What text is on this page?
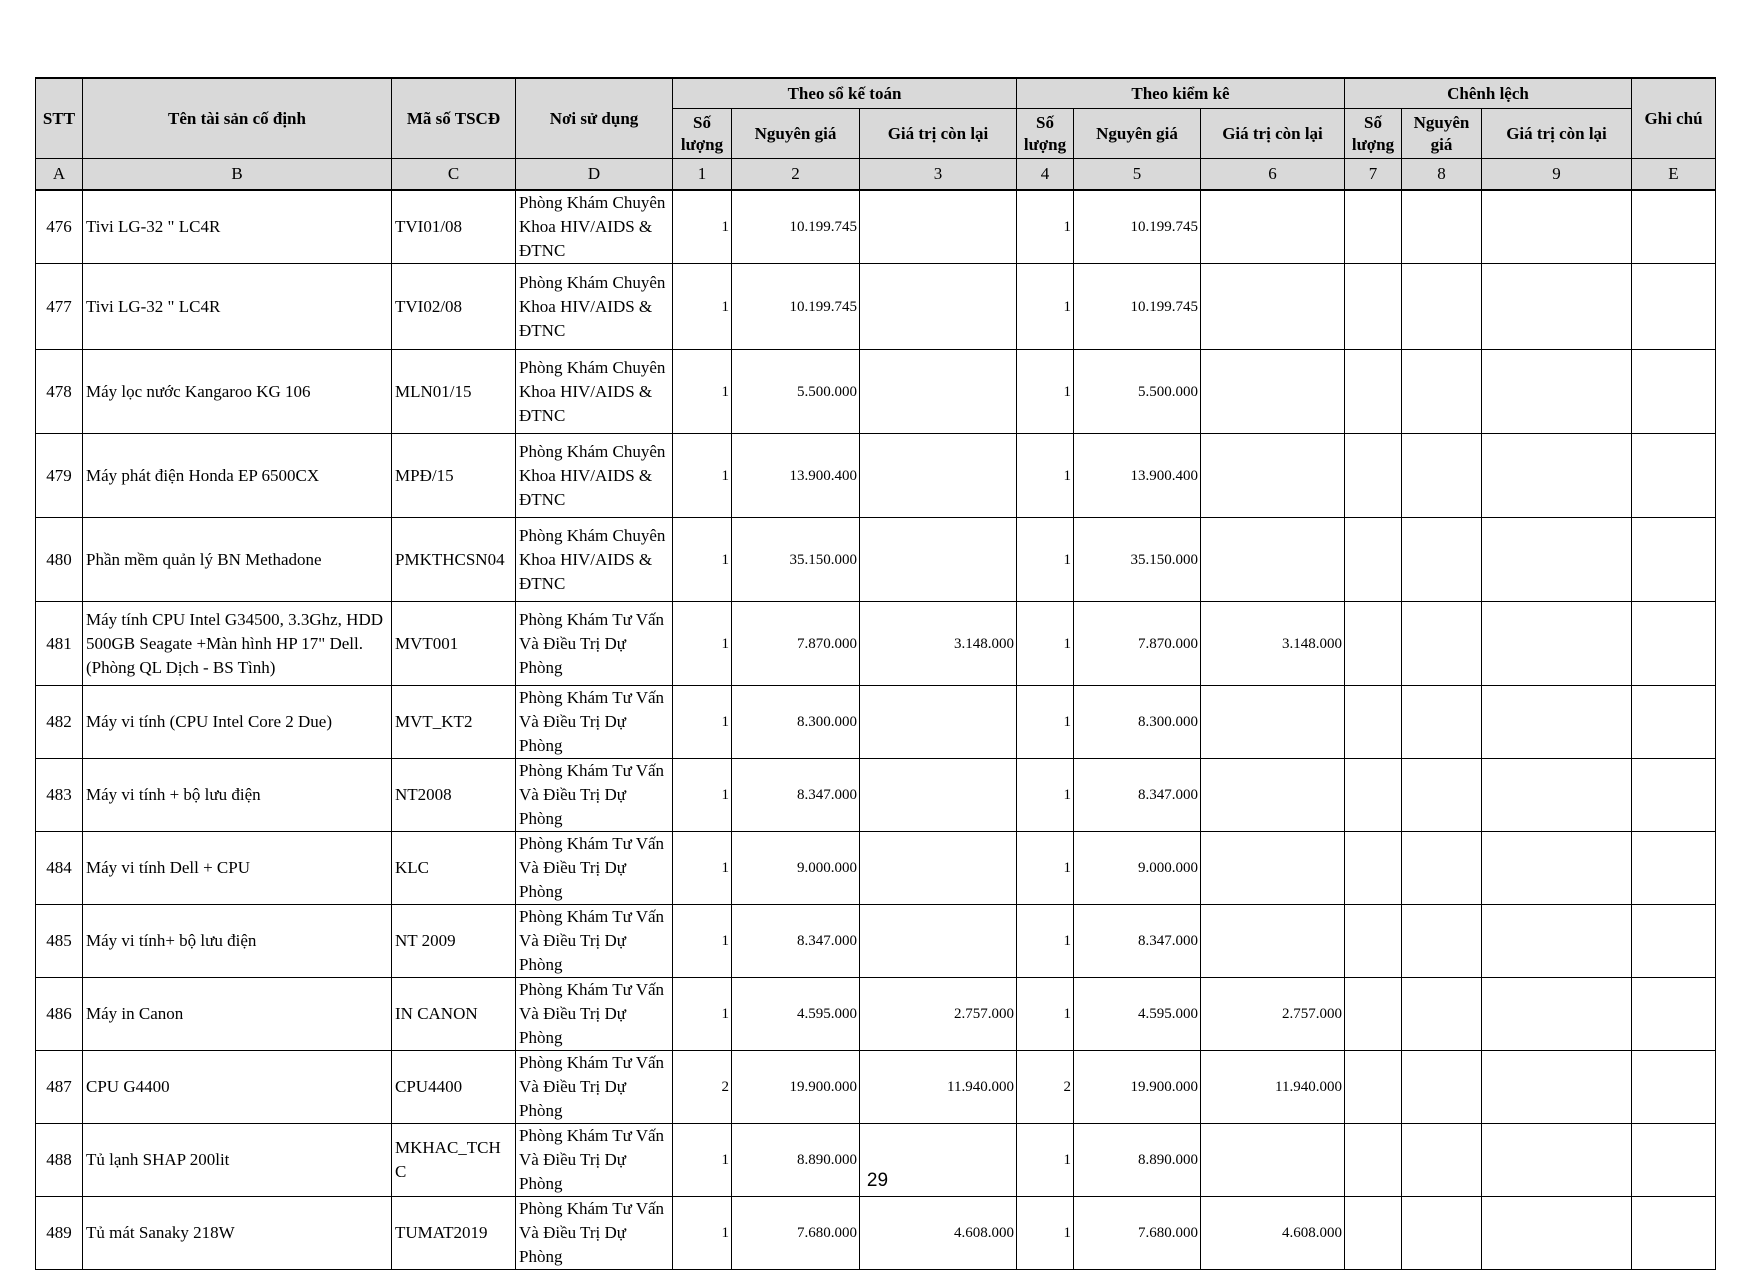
STT	Tên tài sản cố định	Mã số TSCĐ	Nơi sử dụng	Theo sổ kế toán			Theo kiểm kê			Chênh lệch			Ghi chú
				Số lượng	Nguyên giá	Giá trị còn lại	Số lượng	Nguyên giá	Giá trị còn lại	Số lượng	Nguyên giá	Giá trị còn lại	
A	B	C	D	1	2	3	4	5	6	7	8	9	E
476	Tivi LG-32 " LC4R	TVI01/08	Phòng Khám Chuyên Khoa HIV/AIDS & ĐTNC	1	10.199.745		1	10.199.745					
477	Tivi LG-32 " LC4R	TVI02/08	Phòng Khám Chuyên Khoa HIV/AIDS & ĐTNC	1	10.199.745		1	10.199.745					
478	Máy lọc nước Kangaroo KG 106	MLN01/15	Phòng Khám Chuyên Khoa HIV/AIDS & ĐTNC	1	5.500.000		1	5.500.000					
479	Máy phát điện Honda EP 6500CX	MPĐ/15	Phòng Khám Chuyên Khoa HIV/AIDS & ĐTNC	1	13.900.400		1	13.900.400					
480	Phần mềm quản lý BN Methadone	PMKTHCSN04	Phòng Khám Chuyên Khoa HIV/AIDS & ĐTNC	1	35.150.000		1	35.150.000					
481	Máy tính CPU Intel G34500, 3.3Ghz, HDD 500GB Seagate +Màn hình HP 17" Dell. (Phòng QL Dịch - BS Tình)	MVT001	Phòng Khám Tư Vấn Và Điều Trị Dự Phòng	1	7.870.000	3.148.000	1	7.870.000	3.148.000				
482	Máy vi tính (CPU Intel Core 2 Due)	MVT_KT2	Phòng Khám Tư Vấn Và Điều Trị Dự Phòng	1	8.300.000		1	8.300.000					
483	Máy vi tính + bộ lưu điện	NT2008	Phòng Khám Tư Vấn Và Điều Trị Dự Phòng	1	8.347.000		1	8.347.000					
484	Máy vi tính Dell + CPU	KLC	Phòng Khám Tư Vấn Và Điều Trị Dự Phòng	1	9.000.000		1	9.000.000					
485	Máy vi tính+ bộ lưu điện	NT 2009	Phòng Khám Tư Vấn Và Điều Trị Dự Phòng	1	8.347.000		1	8.347.000					
486	Máy in Canon	IN CANON	Phòng Khám Tư Vấn Và Điều Trị Dự Phòng	1	4.595.000	2.757.000	1	4.595.000	2.757.000				
487	CPU G4400	CPU4400	Phòng Khám Tư Vấn Và Điều Trị Dự Phòng	2	19.900.000	11.940.000	2	19.900.000	11.940.000				
488	Tủ lạnh SHAP 200lit	MKHAC_TCHC	Phòng Khám Tư Vấn Và Điều Trị Dự Phòng	1	8.890.000		1	8.890.000					
489	Tủ mát Sanaky 218W	TUMAT2019	Phòng Khám Tư Vấn Và Điều Trị Dự Phòng	1	7.680.000	4.608.000	1	7.680.000	4.608.000				
29
